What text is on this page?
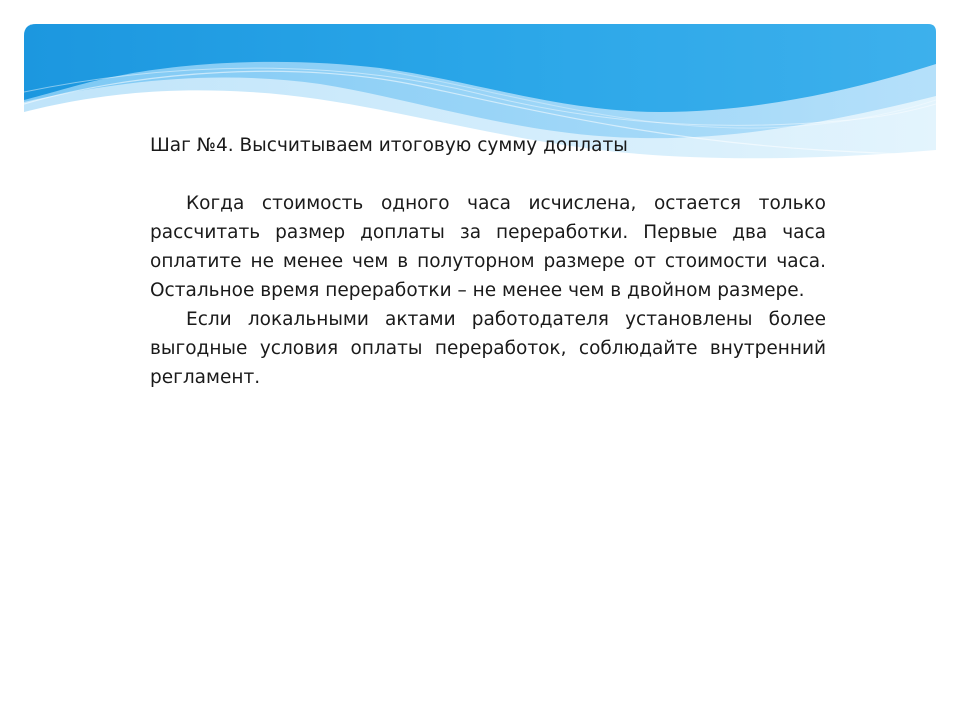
Шаг №4. Высчитываем итоговую сумму доплаты

Когда стоимость одного часа исчислена, остается только рассчитать размер доплаты за переработки. Первые два часа оплатите не менее чем в полуторном размере от стоимости часа. Остальное время переработки – не менее чем в двойном размере.

Если локальными актами работодателя установлены более выгодные условия оплаты переработок, соблюдайте внутренний регламент.
